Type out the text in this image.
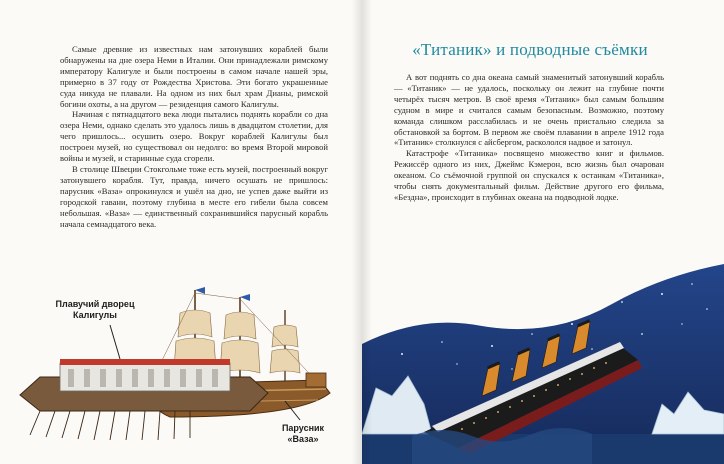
Самые древние из известных нам затонувших кораблей были обнаружены на дне озера Неми в Италии. Они принадлежали римскому императору Калигуле и были построены в самом начале нашей эры, примерно в 37 году от Рождества Христова. Эти богато украшенные суда никуда не плавали. На одном из них был храм Дианы, римской богини охоты, а на другом — резиденция самого Калигулы.

Начиная с пятнадцатого века люди пытались поднять корабли со дна озера Неми, однако сделать это удалось лишь в двадцатом столетии, для чего пришлось... осушить озеро. Вокруг кораблей Калигулы был построен музей, но существовал он недолго: во время Второй мировой войны и музей, и старинные суда сгорели.

В столице Швеции Стокгольме тоже есть музей, построенный вокруг затонувшего корабля. Тут, правда, ничего осушать не пришлось: парусник «Ваза» опрокинулся и ушёл на дно, не успев даже выйти из городской гавани, поэтому глубина в месте его гибели была совсем небольшая. «Ваза» — единственный сохранившийся парусный корабль начала семнадцатого века.

Плавучий дворец
Калигулы
Парусник
«Ваза»
«Титаник» и подводные съёмки

А вот поднять со дна океана самый знаменитый затонувший корабль — «Титаник» — не удалось, поскольку он лежит на глубине почти четырёх тысяч метров. В своё время «Титаник» был самым большим судном в мире и считался самым безопасным. Возможно, поэтому команда слишком расслабилась и не очень пристально следила за обстановкой за бортом. В первом же своём плавании в апреле 1912 года «Титаник» столкнулся с айсбергом, раскололся надвое и затонул.

Катастрофе «Титаника» посвящено множество книг и фильмов. Режиссёр одного из них, Джеймс Кэмерон, всю жизнь был очарован океаном. Со съёмочной группой он спускался к останкам «Титаника», чтобы снять документальный фильм. Действие другого его фильма, «Бездна», происходит в глубинах океана на подводной лодке.
